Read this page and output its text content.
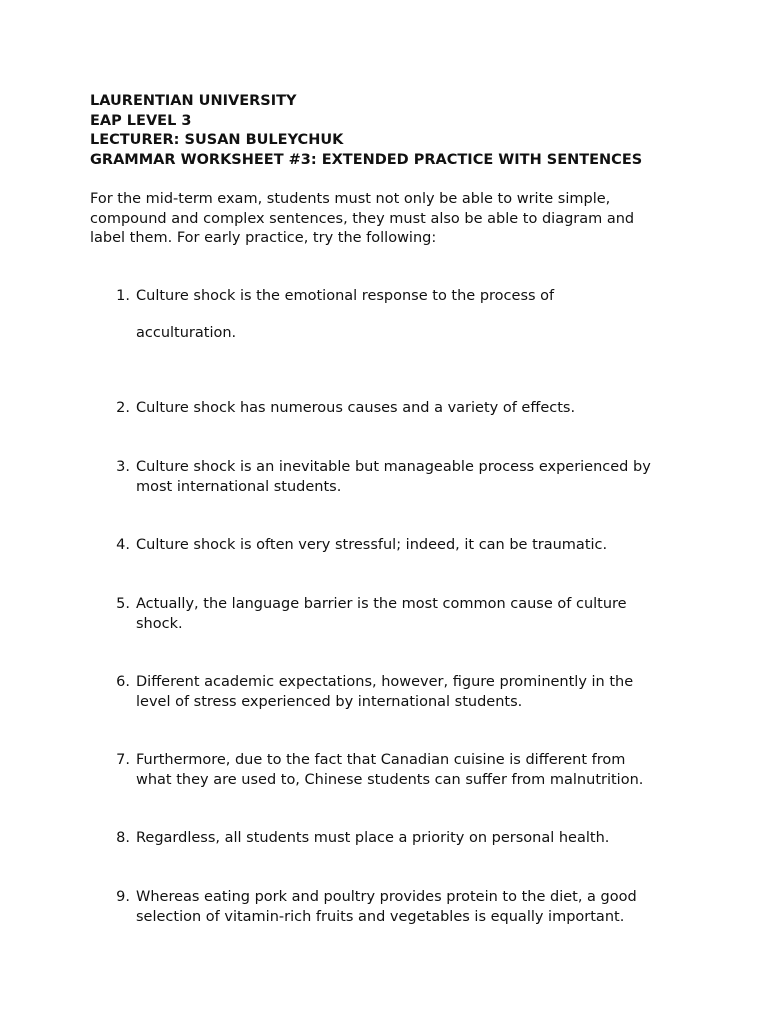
LAURENTIAN UNIVERSITY
EAP LEVEL 3
LECTURER: SUSAN BULEYCHUK
GRAMMAR WORKSHEET #3: EXTENDED PRACTICE WITH SENTENCES
For the mid-term exam, students must not only be able to write simple,
compound and complex sentences, they must also be able to diagram and
label them. For early practice, try the following:
1. Culture shock is the emotional response to the process of
acculturation.
2. Culture shock has numerous causes and a variety of effects.
3. Culture shock is an inevitable but manageable process experienced by
most international students.
4. Culture shock is often very stressful; indeed, it can be traumatic.
5. Actually, the language barrier is the most common cause of culture
shock.
6. Different academic expectations, however, figure prominently in the
level of stress experienced by international students.
7. Furthermore, due to the fact that Canadian cuisine is different from
what they are used to, Chinese students can suffer from malnutrition.
8. Regardless, all students must place a priority on personal health.
9. Whereas eating pork and poultry provides protein to the diet, a good
selection of vitamin-rich fruits and vegetables is equally important.
